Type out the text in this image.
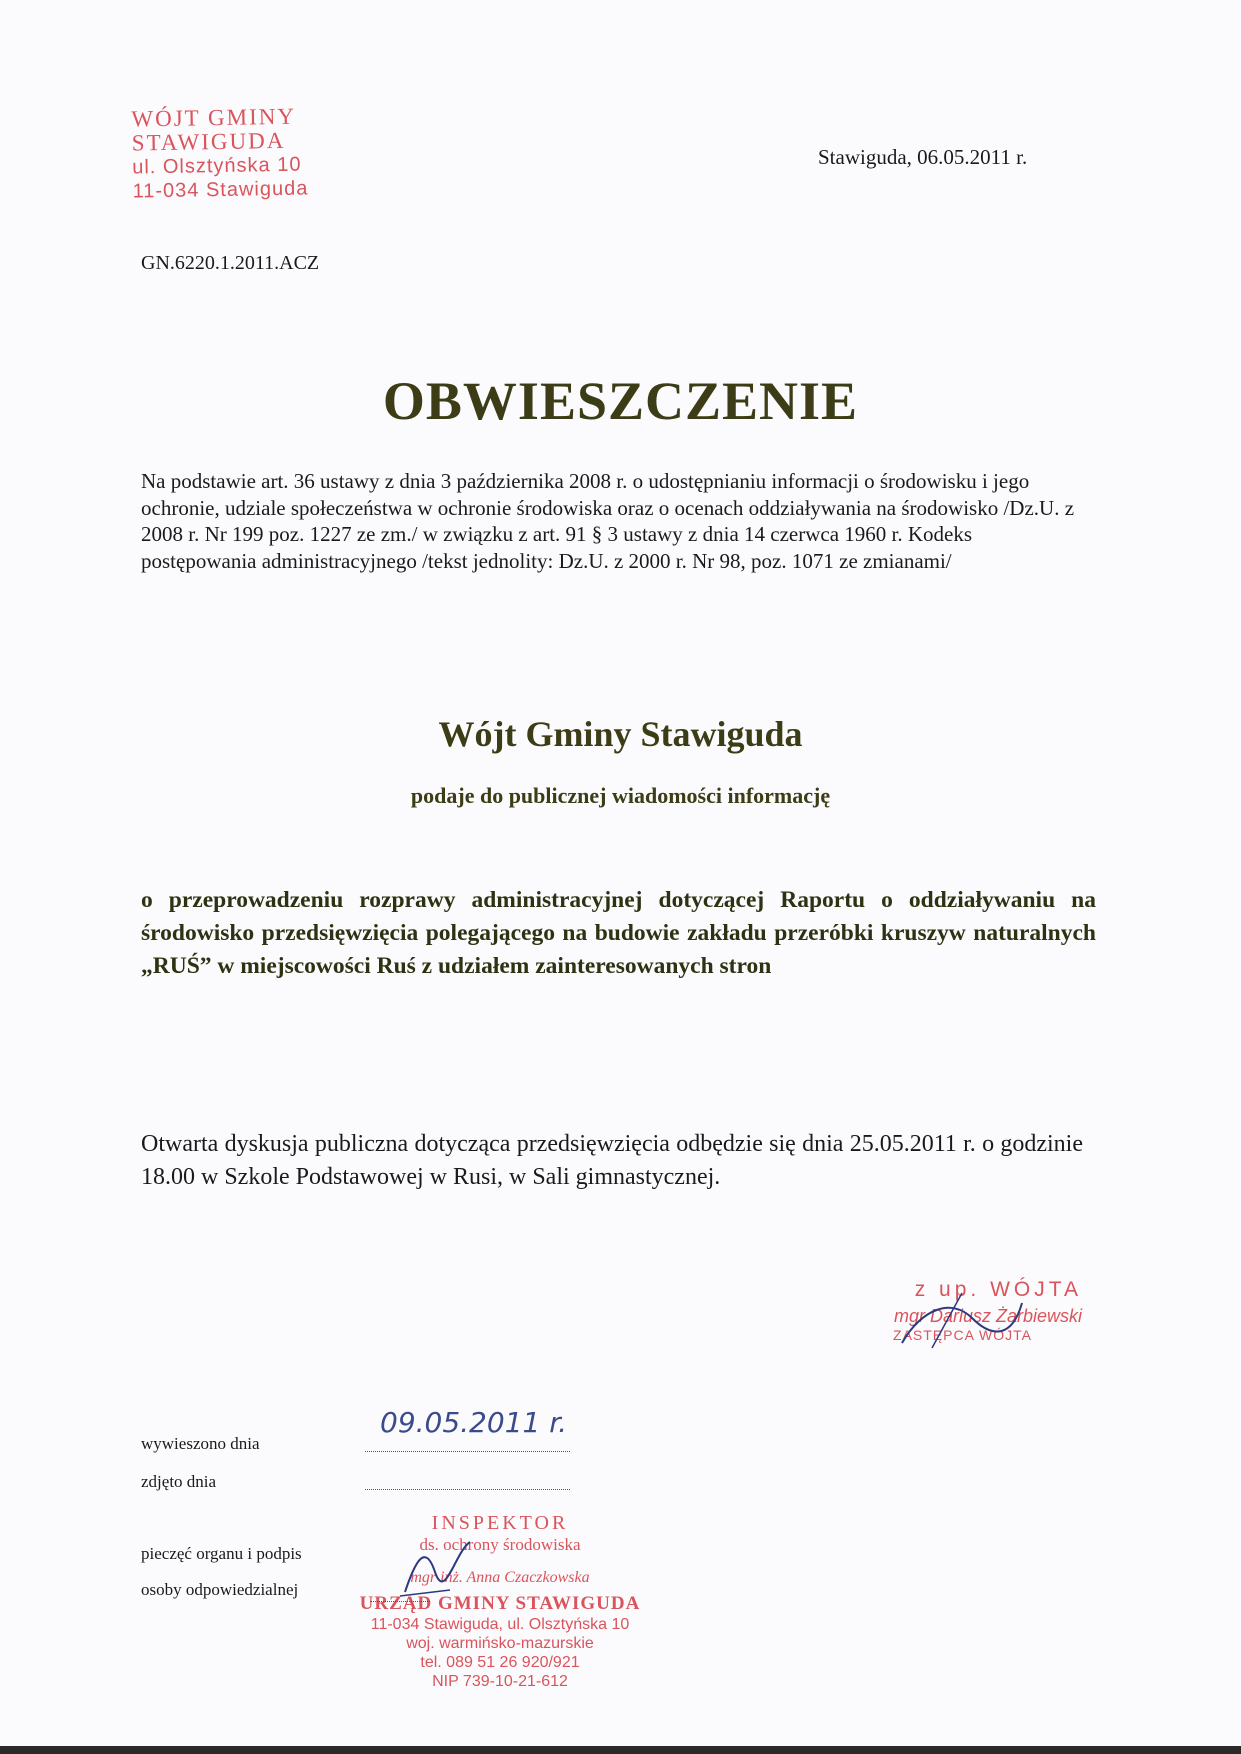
WÓJT GMINY
STAWIGUDA
ul. Olsztyńska 10
11-034 Stawiguda
Stawiguda, 06.05.2011 r.
GN.6220.1.2011.ACZ
OBWIESZCZENIE
Na podstawie art. 36 ustawy z dnia 3 października 2008 r. o udostępnianiu informacji o środowisku i jego ochronie, udziale społeczeństwa w ochronie środowiska oraz o ocenach oddziaływania na środowisko /Dz.U. z 2008 r. Nr 199 poz. 1227 ze zm./ w związku z art. 91 § 3 ustawy z dnia 14 czerwca 1960 r. Kodeks postępowania administracyjnego /tekst jednolity: Dz.U. z 2000 r. Nr 98, poz. 1071 ze zmianami/
Wójt Gminy Stawiguda
podaje do publicznej wiadomości informację
o przeprowadzeniu rozprawy administracyjnej dotyczącej Raportu o oddziaływaniu na środowisko przedsięwzięcia polegającego na budowie zakładu przeróbki kruszyw naturalnych „RUŚ” w miejscowości Ruś z udziałem zainteresowanych stron
Otwarta dyskusja publiczna dotycząca przedsięwzięcia odbędzie się dnia 25.05.2011 r. o godzinie 18.00 w Szkole Podstawowej w Rusi, w Sali gimnastycznej.
z up. WÓJTA
mgr Dariusz Żarbiewski
ZASTĘPCA WÓJTA
wywieszono dnia
09.05.2011 r.
zdjęto dnia
pieczęć organu i podpis
osoby odpowiedzialnej
INSPEKTOR
ds. ochrony środowiska
mgr inż. Anna Czaczkowska
URZĄD GMINY STAWIGUDA
11-034 Stawiguda, ul. Olsztyńska 10
woj. warmińsko-mazurskie
tel. 089 51 26 920/921
NIP 739-10-21-612
